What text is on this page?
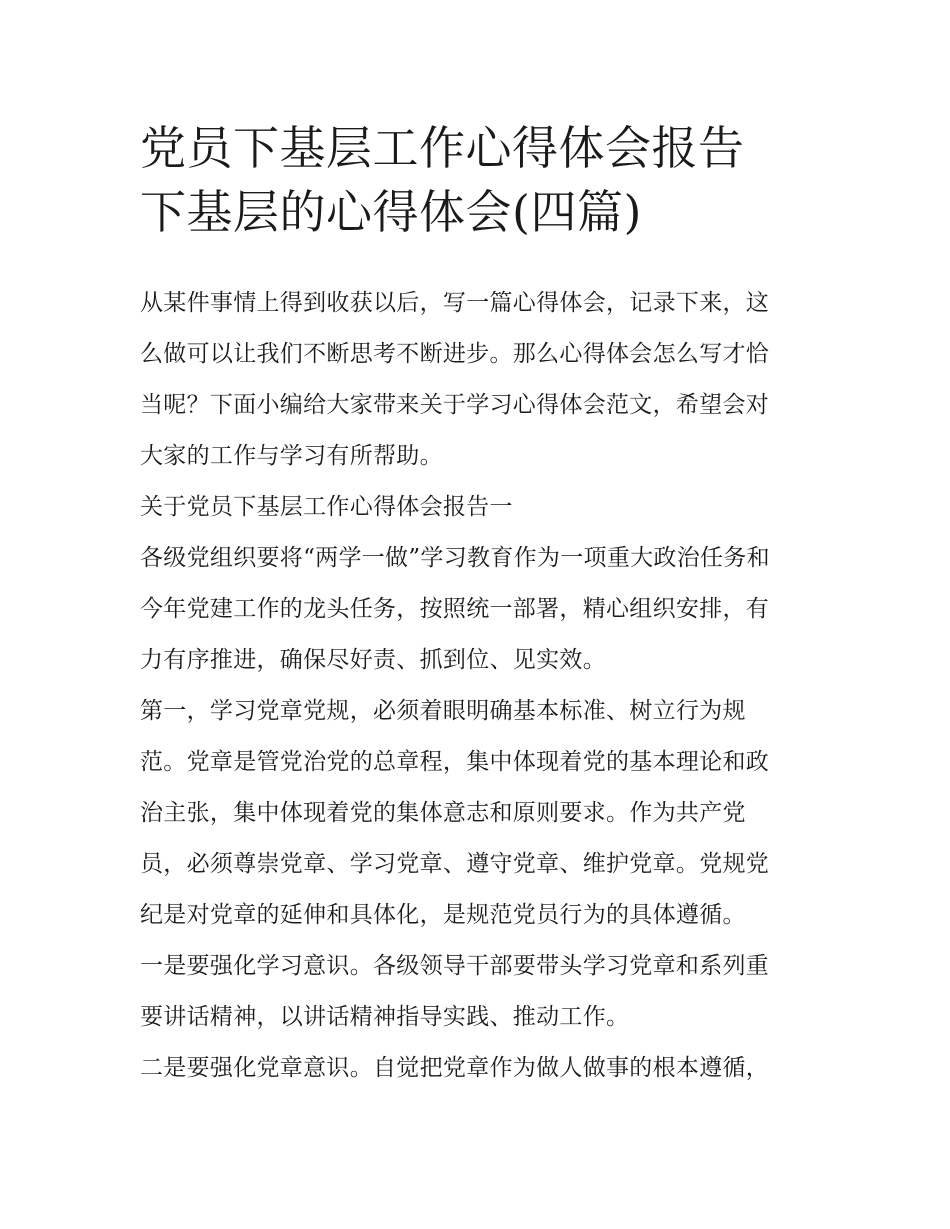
党员下基层工作心得体会报告
下基层的心得体会(四篇)
从某件事情上得到收获以后，写一篇心得体会，记录下来，这
么做可以让我们不断思考不断进步。那么心得体会怎么写才恰
当呢？下面小编给大家带来关于学习心得体会范文，希望会对
大家的工作与学习有所帮助。
关于党员下基层工作心得体会报告一
各级党组织要将“两学一做”学习教育作为一项重大政治任务和
今年党建工作的龙头任务，按照统一部署，精心组织安排，有
力有序推进，确保尽好责、抓到位、见实效。
第一，学习党章党规，必须着眼明确基本标准、树立行为规
范。党章是管党治党的总章程，集中体现着党的基本理论和政
治主张，集中体现着党的集体意志和原则要求。作为共产党
员，必须尊崇党章、学习党章、遵守党章、维护党章。党规党
纪是对党章的延伸和具体化，是规范党员行为的具体遵循。
一是要强化学习意识。各级领导干部要带头学习党章和系列重
要讲话精神，以讲话精神指导实践、推动工作。
二是要强化党章意识。自觉把党章作为做人做事的根本遵循，
